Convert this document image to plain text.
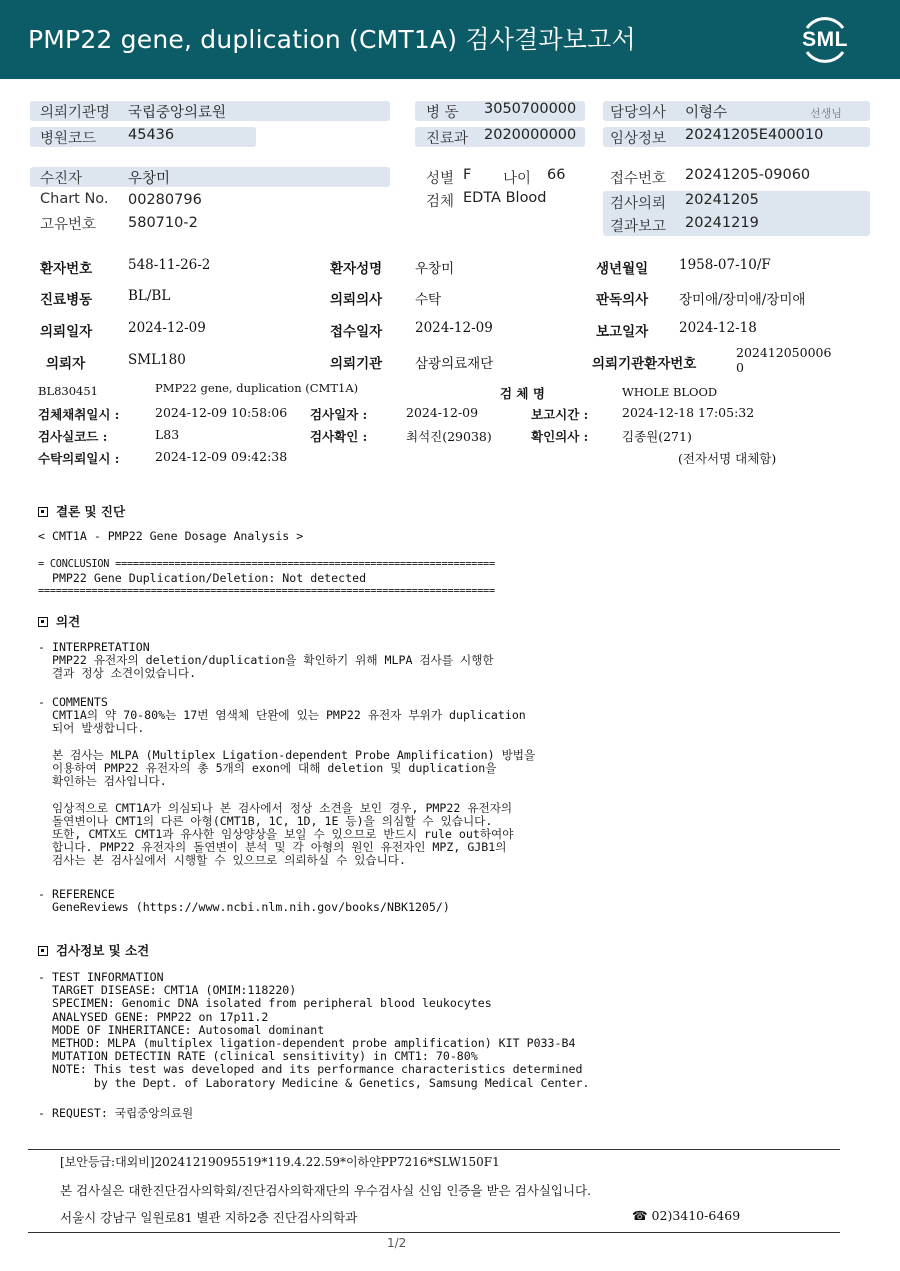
PMP22 gene, duplication (CMT1A) 검사결과보고서	SML
의뢰기관명 국립중앙의료원
병원코드 45436
병 동 3050700000
진료과 2020000000
담당의사 이형수	선생님
임상정보 20241205E400010
수진자	우창미
Chart No. 00280796
고유번호 580710-2
성별 F 나이 66
검체 EDTA Blood
접수번호 20241205-09060
검사의뢰 20241205
결과보고 20241219
환자번호	548-11-26-2	환자성명 우창미	생년월일 1958-07-10/F
진료병동	BL/BL	의뢰의사 수탁	판독의사 장미애/장미애/장미애
의뢰일자	2024-12-09	접수일자 2024-12-09	보고일자 2024-12-18
의뢰자	SML180	의뢰기관 삼광의료재단	의뢰기관환자번호
202412050006
0
BL830451	PMP22 gene, duplication (CMT1A)	검 체 명	WHOLE BLOOD
검체채취일시 :	2024-12-09 10:58:06 검사일자 :	2024-12-09	보고시간 :	2024-12-18 17:05:32
검사실코드 :	L83	검사확인 :	최석진(29038)	확인의사 :	김종원(271)
수탁의뢰일시 :	2024-12-09 09:42:38	(전자서명 대체함)
결론 및 진단
< CMT1A - PMP22 Gene Dosage Analysis >
= CONCLUSION ================================================================
PMP22 Gene Duplication/Deletion: Not detected
=============================================================================
의견
- INTERPRETATION
PMP22 유전자의 deletion/duplication을 확인하기 위해 MLPA 검사를 시행한
결과 정상 소견이었습니다.
- COMMENTS
CMT1A의 약 70-80%는 17번 염색체 단완에 있는 PMP22 유전자 부위가 duplication
되어 발생합니다.

본 검사는 MLPA (Multiplex Ligation-dependent Probe Amplification) 방법을
이용하여 PMP22 유전자의 총 5개의 exon에 대해 deletion 및 duplication을
확인하는 검사입니다.

임상적으로 CMT1A가 의심되나 본 검사에서 정상 소견을 보인 경우, PMP22 유전자의
돌연변이나 CMT1의 다른 아형(CMT1B, 1C, 1D, 1E 등)을 의심할 수 있습니다.
또한, CMTX도 CMT1과 유사한 임상양상을 보일 수 있으므로 반드시 rule out하여야
합니다. PMP22 유전자의 돌연변이 분석 및 각 아형의 원인 유전자인 MPZ, GJB1의
검사는 본 검사실에서 시행할 수 있으므로 의뢰하실 수 있습니다.
- REFERENCE
GeneReviews (https://www.ncbi.nlm.nih.gov/books/NBK1205/)
검사정보 및 소견
- TEST INFORMATION
TARGET DISEASE: CMT1A (OMIM:118220)
SPECIMEN: Genomic DNA isolated from peripheral blood leukocytes
ANALYSED GENE: PMP22 on 17p11.2
MODE OF INHERITANCE: Autosomal dominant
METHOD: MLPA (multiplex ligation-dependent probe amplification) KIT P033-B4
MUTATION DETECTIN RATE (clinical sensitivity) in CMT1: 70-80%
NOTE: This test was developed and its performance characteristics determined
by the Dept. of Laboratory Medicine & Genetics, Samsung Medical Center.
- REQUEST: 국립중앙의료원
[보안등급:대외비]20241219095519*119.4.22.59*이하얀PP7216*SLW150F1
본 검사실은 대한진단검사의학회/진단검사의학재단의 우수검사실 신임 인증을 받은 검사실입니다.
서울시 강남구 일원로81 별관 지하2층 진단검사의학과	☎ 02)3410-6469
1/2
